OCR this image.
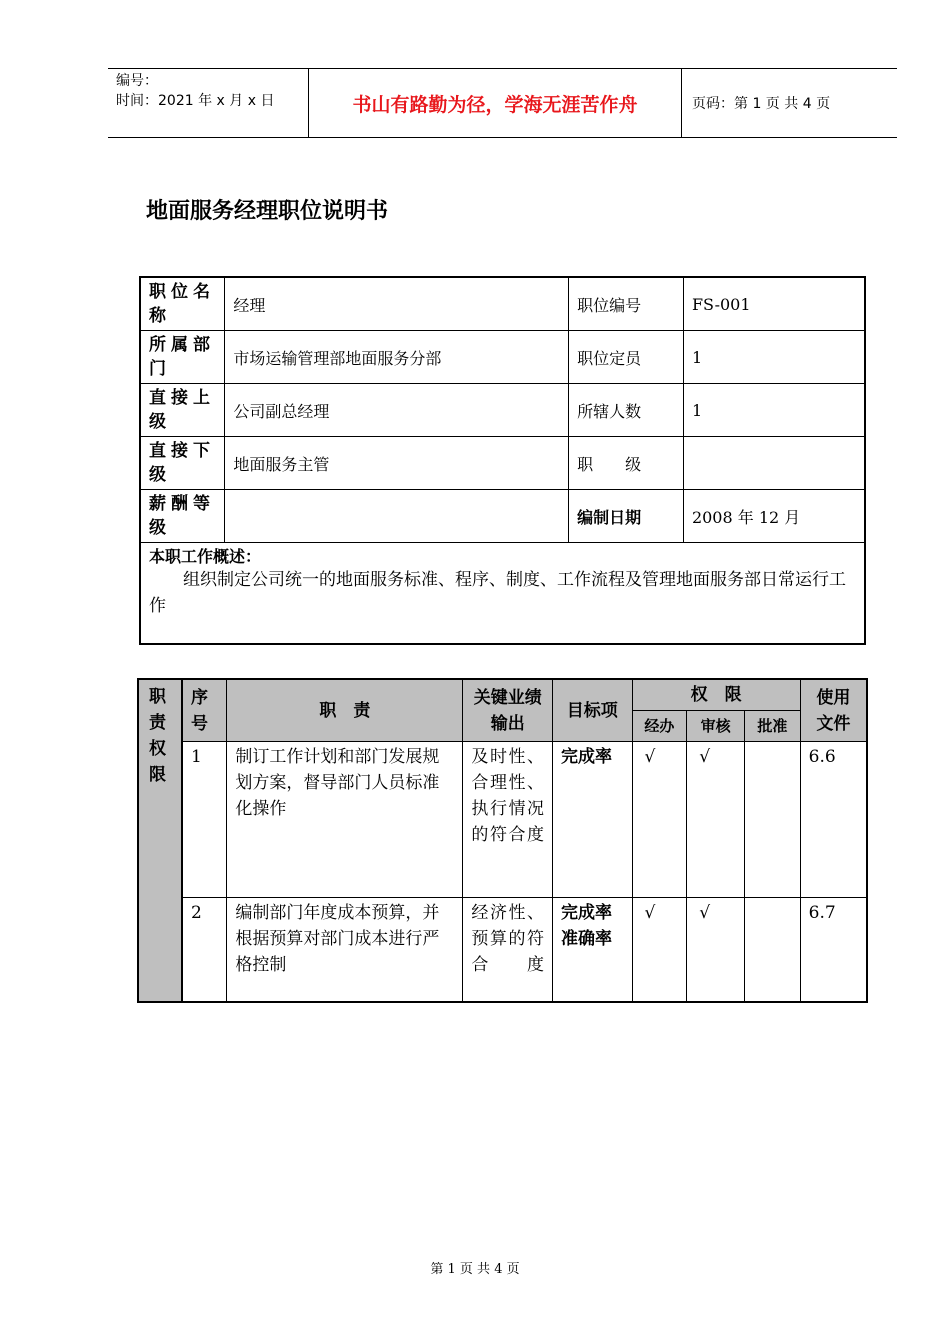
编号：
时间：2021 年 x 月 x 日	书山有路勤为径，学海无涯苦作舟	页码：第 1 页 共 4 页
地面服务经理职位说明书
职位名称	经理	职位编号	FS-001
所属部门	市场运输管理部地面服务分部	职位定员	1
直接上级	公司副总经理	所辖人数	1
直接下级	地面服务主管	职　　级	
薪酬等级		编制日期	2008 年 12 月

本职工作概述：
组织制定公司统一的地面服务标准、程序、制度、工作流程及管理地面服务部日常运行工作			
职责权限	序号	职　责	关键业绩输出	目标项	权　限			使用文件
					经办	审核	批准	
	1	制订工作计划和部门发展规划方案，督导部门人员标准化操作	及时性、合理性、执行情况的符合度	完成率	√	√		6.6
	2	编制部门年度成本预算，并根据预算对部门成本进行严格控制	经济性、预算的符合度	完成率准确率	√	√		6.7
第 1 页 共 4 页
